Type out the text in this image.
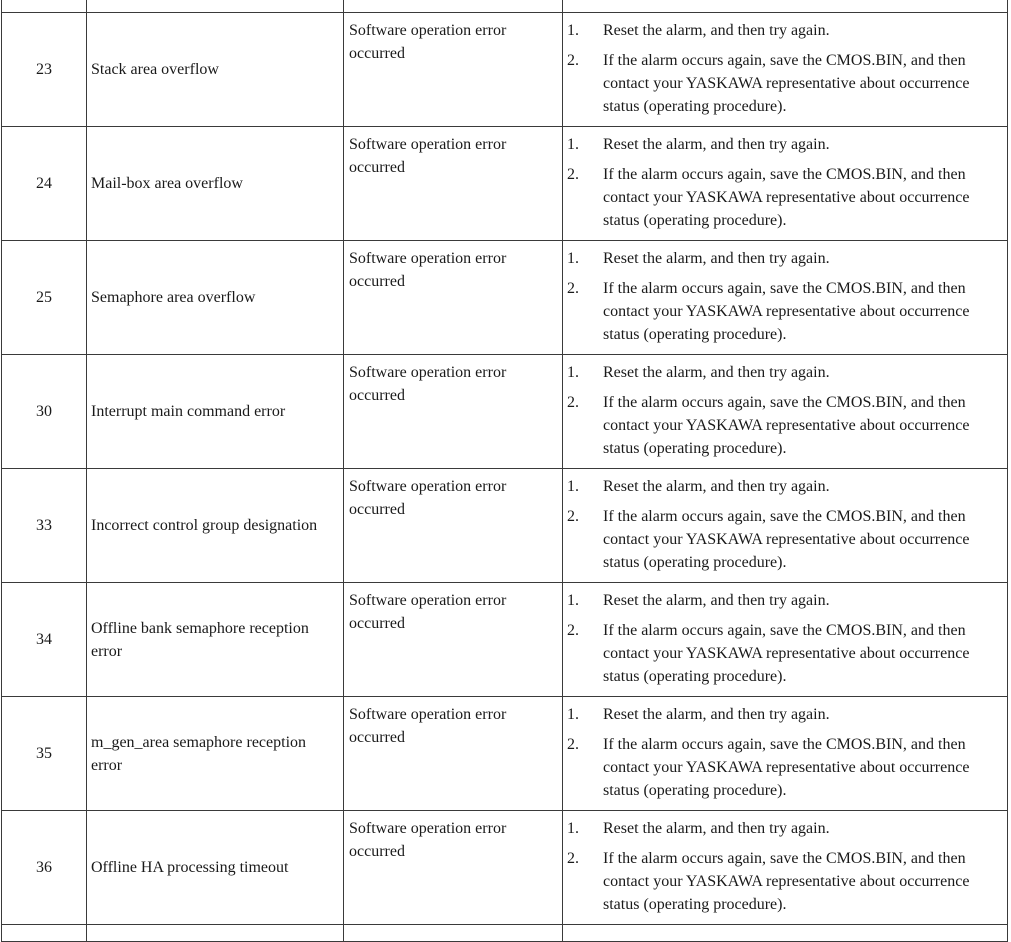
23	Stack area overflow	Software operation error occurred	1. Reset the alarm, and then try again.
2. If the alarm occurs again, save the CMOS.BIN, and then contact your YASKAWA representative about occurrence status (operating procedure).

24	Mail-box area overflow	Software operation error occurred	1. Reset the alarm, and then try again.
2. If the alarm occurs again, save the CMOS.BIN, and then contact your YASKAWA representative about occurrence status (operating procedure).

25	Semaphore area overflow	Software operation error occurred	1. Reset the alarm, and then try again.
2. If the alarm occurs again, save the CMOS.BIN, and then contact your YASKAWA representative about occurrence status (operating procedure).

30	Interrupt main command error	Software operation error occurred	1. Reset the alarm, and then try again.
2. If the alarm occurs again, save the CMOS.BIN, and then contact your YASKAWA representative about occurrence status (operating procedure).

33	Incorrect control group designation	Software operation error occurred	1. Reset the alarm, and then try again.
2. If the alarm occurs again, save the CMOS.BIN, and then contact your YASKAWA representative about occurrence status (operating procedure).

34	Offline bank semaphore reception error	Software operation error occurred	1. Reset the alarm, and then try again.
2. If the alarm occurs again, save the CMOS.BIN, and then contact your YASKAWA representative about occurrence status (operating procedure).

35	m_gen_area semaphore reception error	Software operation error occurred	1. Reset the alarm, and then try again.
2. If the alarm occurs again, save the CMOS.BIN, and then contact your YASKAWA representative about occurrence status (operating procedure).

36	Offline HA processing timeout	Software operation error occurred	1. Reset the alarm, and then try again.
2. If the alarm occurs again, save the CMOS.BIN, and then contact your YASKAWA representative about occurrence status (operating procedure).
